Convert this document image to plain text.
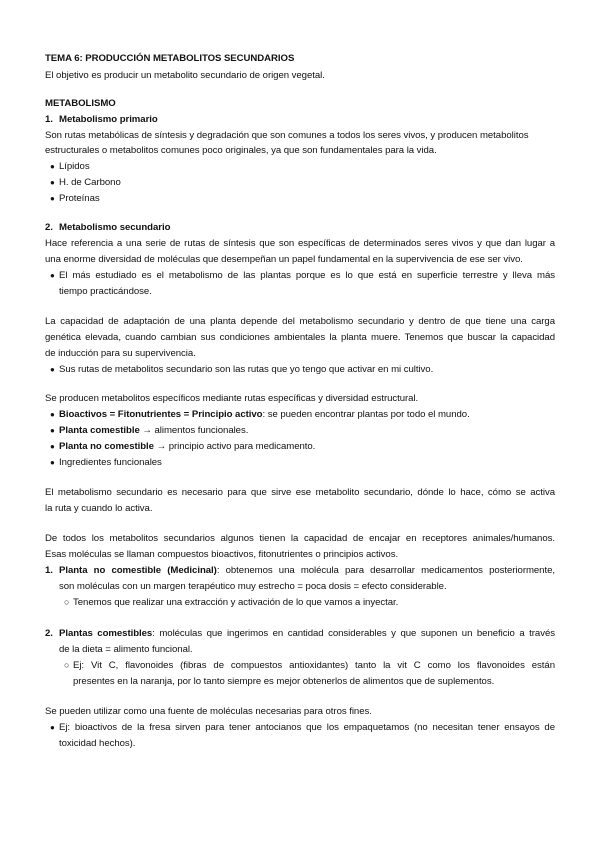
TEMA 6: PRODUCCIÓN METABOLITOS SECUNDARIOS
El objetivo es producir un metabolito secundario de origen vegetal.
METABOLISMO
1. Metabolismo primario
Son rutas metabólicas de síntesis y degradación que son comunes a todos los seres vivos, y producen metabolitos
estructurales o metabolitos comunes poco originales, ya que son fundamentales para la vida.
● Lípidos
● H. de Carbono
● Proteínas
2. Metabolismo secundario
Hace referencia a una serie de rutas de síntesis que son específicas de determinados seres vivos y que dan lugar a
una enorme diversidad de moléculas que desempeñan un papel fundamental en la supervivencia de ese ser vivo.
● El más estudiado es el metabolismo de las plantas porque es lo que está en superficie terrestre y lleva más
tiempo practicándose.
La capacidad de adaptación de una planta depende del metabolismo secundario y dentro de que tiene una carga
genética elevada, cuando cambian sus condiciones ambientales la planta muere. Tenemos que buscar la capacidad
de inducción para su supervivencia.
● Sus rutas de metabolitos secundario son las rutas que yo tengo que activar en mi cultivo.
Se producen metabolitos específicos mediante rutas específicas y diversidad estructural.
● Bioactivos = Fitonutrientes = Principio activo: se pueden encontrar plantas por todo el mundo.
● Planta comestible → alimentos funcionales.
● Planta no comestible → principio activo para medicamento.
● Ingredientes funcionales
El metabolismo secundario es necesario para que sirve ese metabolito secundario, dónde lo hace, cómo se activa
la ruta y cuando lo activa.
De todos los metabolitos secundarios algunos tienen la capacidad de encajar en receptores animales/humanos.
Esas moléculas se llaman compuestos bioactivos, fitonutrientes o principios activos.
1. Planta no comestible (Medicinal): obtenemos una molécula para desarrollar medicamentos posteriormente,
son moléculas con un margen terapéutico muy estrecho = poca dosis = efecto considerable.
○ Tenemos que realizar una extracción y activación de lo que vamos a inyectar.
2. Plantas comestibles: moléculas que ingerimos en cantidad considerables y que suponen un beneficio a través
de la dieta = alimento funcional.
○ Ej: Vit C, flavonoides (fibras de compuestos antioxidantes) tanto la vit C como los flavonoides están
presentes en la naranja, por lo tanto siempre es mejor obtenerlos de alimentos que de suplementos.
Se pueden utilizar como una fuente de moléculas necesarias para otros fines.
● Ej: bioactivos de la fresa sirven para tener antocianos que los empaquetamos (no necesitan tener ensayos de
toxicidad hechos).
